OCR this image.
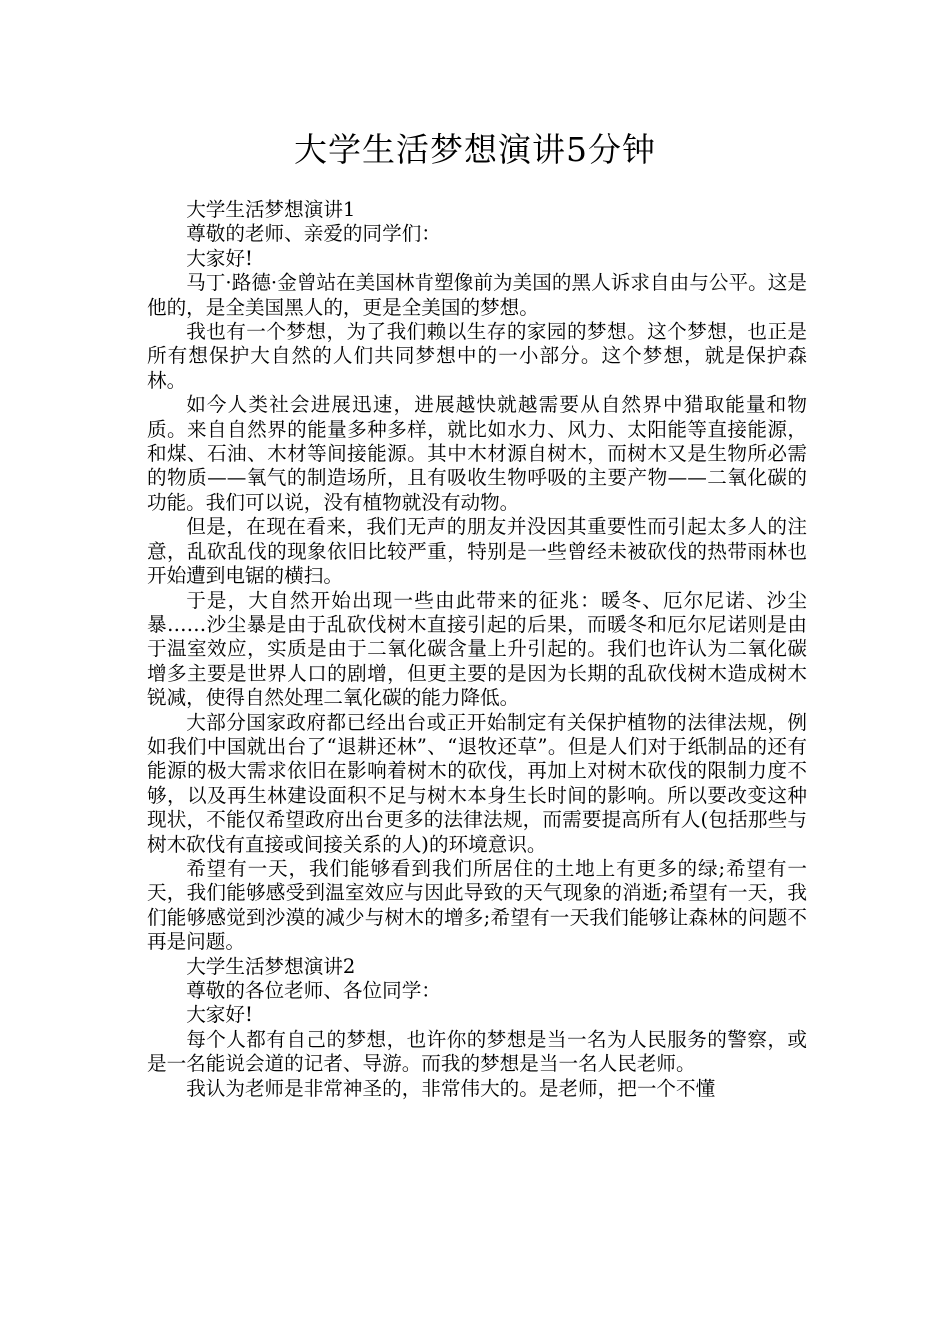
大学生活梦想演讲5分钟

大学生活梦想演讲1

尊敬的老师、亲爱的同学们：

大家好!

马丁·路德·金曾站在美国林肯塑像前为美国的黑人诉求自由与公平。这是他的，是全美国黑人的，更是全美国的梦想。

我也有一个梦想，为了我们赖以生存的家园的梦想。这个梦想，也正是所有想保护大自然的人们共同梦想中的一小部分。这个梦想，就是保护森林。

如今人类社会进展迅速，进展越快就越需要从自然界中猎取能量和物质。来自自然界的能量多种多样，就比如水力、风力、太阳能等直接能源，和煤、石油、木材等间接能源。其中木材源自树木，而树木又是生物所必需的物质——氧气的制造场所，且有吸收生物呼吸的主要产物——二氧化碳的功能。我们可以说，没有植物就没有动物。

但是，在现在看来，我们无声的朋友并没因其重要性而引起太多人的注意，乱砍乱伐的现象依旧比较严重，特别是一些曾经未被砍伐的热带雨林也开始遭到电锯的横扫。

于是，大自然开始出现一些由此带来的征兆：暖冬、厄尔尼诺、沙尘暴……沙尘暴是由于乱砍伐树木直接引起的后果，而暖冬和厄尔尼诺则是由于温室效应，实质是由于二氧化碳含量上升引起的。我们也许认为二氧化碳增多主要是世界人口的剧增，但更主要的是因为长期的乱砍伐树木造成树木锐减，使得自然处理二氧化碳的能力降低。

大部分国家政府都已经出台或正开始制定有关保护植物的法律法规，例如我们中国就出台了“退耕还林”、“退牧还草”。但是人们对于纸制品的还有能源的极大需求依旧在影响着树木的砍伐，再加上对树木砍伐的限制力度不够，以及再生林建设面积不足与树木本身生长时间的影响。所以要改变这种现状，不能仅希望政府出台更多的法律法规，而需要提高所有人(包括那些与树木砍伐有直接或间接关系的人)的环境意识。

希望有一天，我们能够看到我们所居住的土地上有更多的绿;希望有一天，我们能够感受到温室效应与因此导致的天气现象的消逝;希望有一天，我们能够感觉到沙漠的减少与树木的增多;希望有一天我们能够让森林的问题不再是问题。

大学生活梦想演讲2

尊敬的各位老师、各位同学：

大家好!

每个人都有自己的梦想，也许你的梦想是当一名为人民服务的警察，或是一名能说会道的记者、导游。而我的梦想是当一名人民老师。

我认为老师是非常神圣的，非常伟大的。是老师，把一个不懂
